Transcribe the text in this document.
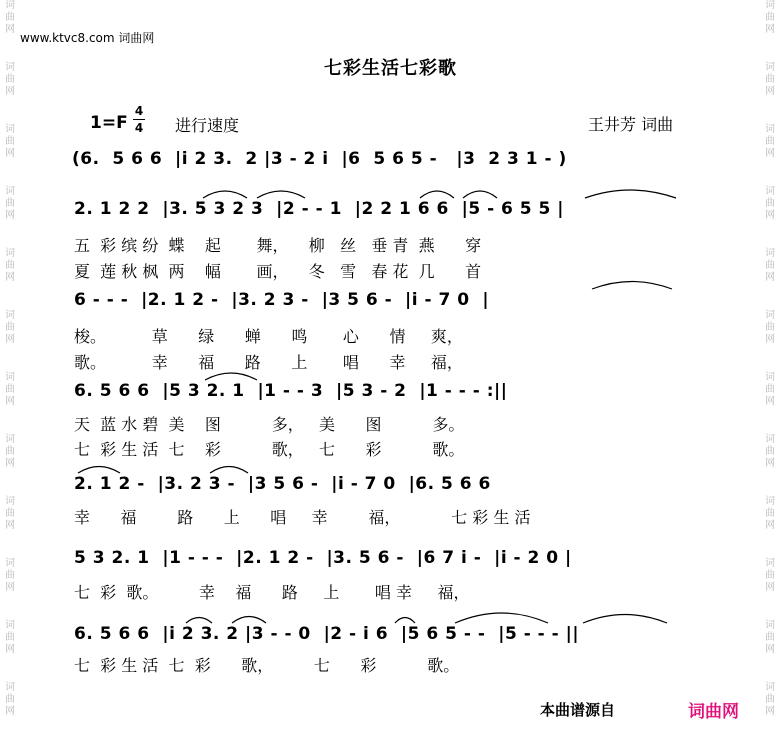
词曲网
词曲网
词曲网
词曲网
词曲网
词曲网
词曲网
词曲网
词曲网
词曲网
词曲网
词曲网
词曲网
词曲网
词曲网
词曲网
词曲网
词曲网
词曲网
词曲网
词曲网
词曲网
词曲网
词曲网
www.ktvc8.com 词曲网
七彩生活七彩歌
1=F
4
4 进行速度	王井芳 词曲
(6.  5 6 6  |i 2 3.  2 |3 - 2 i  |6  5 6 5 -   |3  2 3 1 - )
2. 1 2 2  |3. 5 3 2 3  |2 - - 1  |2 2 1 6 6  |5 - 6 5 5 |
五  彩 缤 纷  蝶    起       舞，    柳   丝   垂 青  燕      穿
夏  莲 秋 枫  两    幅       画，    冬   雪   春 花  几      首
6 - - -  |2. 1 2 -  |3. 2 3 -  |3 5 6 -  |i - 7 0  |
梭。         草      绿      蝉      鸣       心      情     爽，
歌。         幸      福      路      上       唱      幸     福，
6. 5 6 6  |5 3 2. 1  |1 - - 3  |5 3 - 2  |1 - - - :||
天  蓝 水 碧  美    图          多，   美      图          多。
七  彩 生 活  七    彩          歌，   七      彩          歌。
2. 1 2 -  |3. 2 3 -  |3 5 6 -  |i - 7 0  |6. 5 6 6
幸      福        路      上      唱     幸        福，          七 彩 生 活
5 3 2. 1  |1 - - -  |2. 1 2 -  |3. 5 6 -  |6 7 i -  |i - 2 0 |
七  彩  歌。        幸    福      路     上       唱 幸     福，
6. 5 6 6  |i 2 3. 2 |3 - - 0  |2 - i 6  |5 6 5 - -  |5 - - - ||
七  彩 生 活  七  彩      歌，        七      彩          歌。
本曲谱源自	词曲网
